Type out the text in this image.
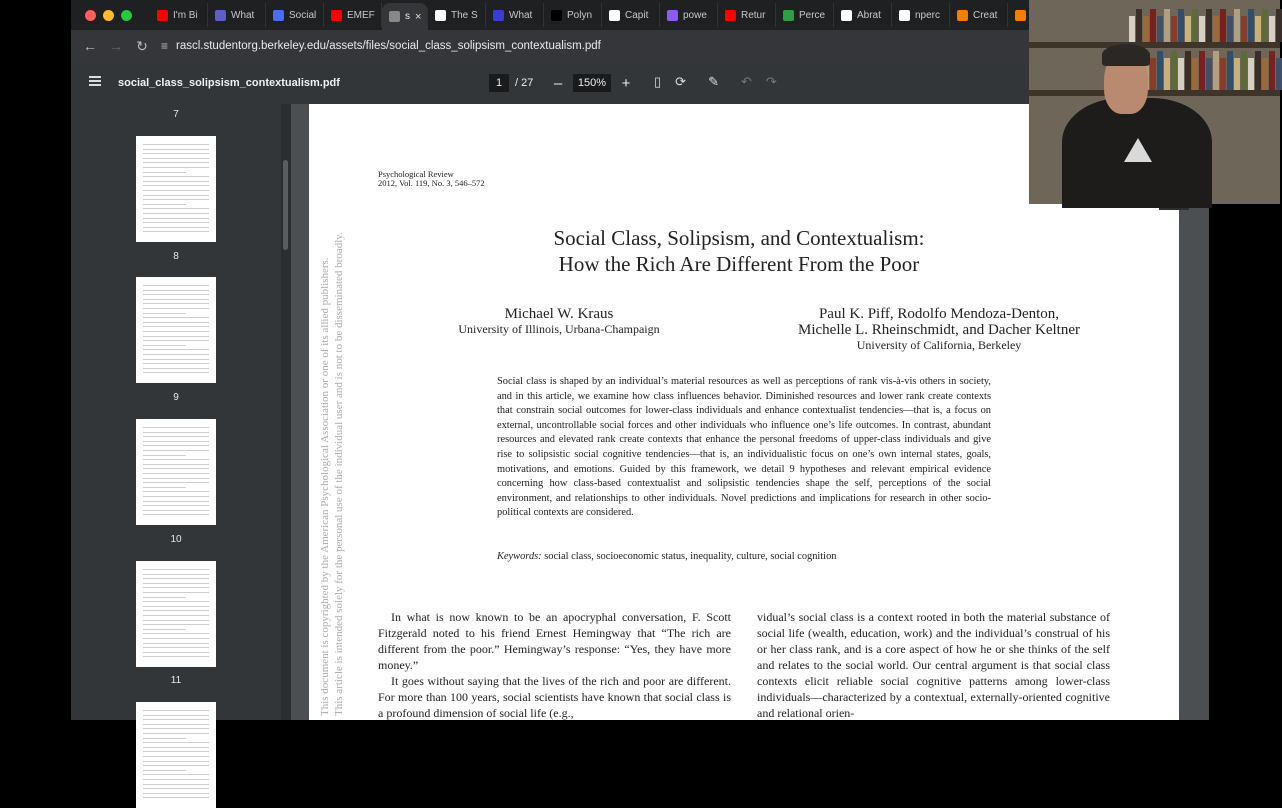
I'm Bi	What	Social	EMEF	s ×	The S	What	Polyn	Capit	powe	Retur	Perce	Abrat	nperc	Creat
← → ↻	≡ rascl.studentorg.berkeley.edu/assets/files/social_class_solipsism_contextualism.pdf
social_class_solipsism_contextualism.pdf	1	/ 27 –	150%	+ ▯ ⟳ ✎ ↶ ↷
7
8
9
10
11	This document is copyrighted by the American Psychological Association or one of its allied publishers. This article is intended solely for the personal use of the individual user and is not to be disseminated broadly.
Psychological Review
2012, Vol. 119, No. 3, 546–572
Social Class, Solipsism, and Contextualism:
How the Rich Are Different From the Poor
Michael W. Kraus
University of Illinois, Urbana-Champaign
Paul K. Piff, Rodolfo Mendoza-Denton,
Michelle L. Rheinschmidt, and Dacher Keltner
University of California, Berkeley
Social class is shaped by an individual’s material resources as well as perceptions of rank vis-à-vis others in society, and in this article, we examine how class influences behavior. Diminished resources and lower rank create contexts that constrain social outcomes for lower-class individuals and enhance contextualist tendencies—that is, a focus on external, uncontrollable social forces and other individuals who influence one’s life outcomes. In contrast, abundant resources and elevated rank create contexts that enhance the personal freedoms of upper-class individuals and give rise to solipsistic social cognitive tendencies—that is, an individualistic focus on one’s own internal states, goals, motivations, and emotions. Guided by this framework, we detail 9 hypotheses and relevant empirical evidence concerning how class-based contextualist and solipsistic tendencies shape the self, perceptions of the social environment, and relationships to other individuals. Novel predictions and implications for research in other socio-political contexts are considered.
Keywords: social class, socioeconomic status, inequality, culture, social cognition

In what is now known to be an apocryphal conversation, F. Scott Fitzgerald noted to his friend Ernest Hemingway that “The rich are different from the poor.” Hemingway’s response: “Yes, they have more money.”

It goes without saying that the lives of the rich and poor are different. For more than 100 years, social scientists have known that social class is a profound dimension of social life (e.g.,

vidual’s social class is a context rooted in both the material substance of social life (wealth, education, work) and the individual’s construal of his or her class rank, and is a core aspect of how he or she thinks of the self and relates to the social world. Our central argument is that social class contexts elicit reliable social cognitive patterns among lower-class individuals—characterized by a contextual, externally-oriented cognitive and relational orien-
